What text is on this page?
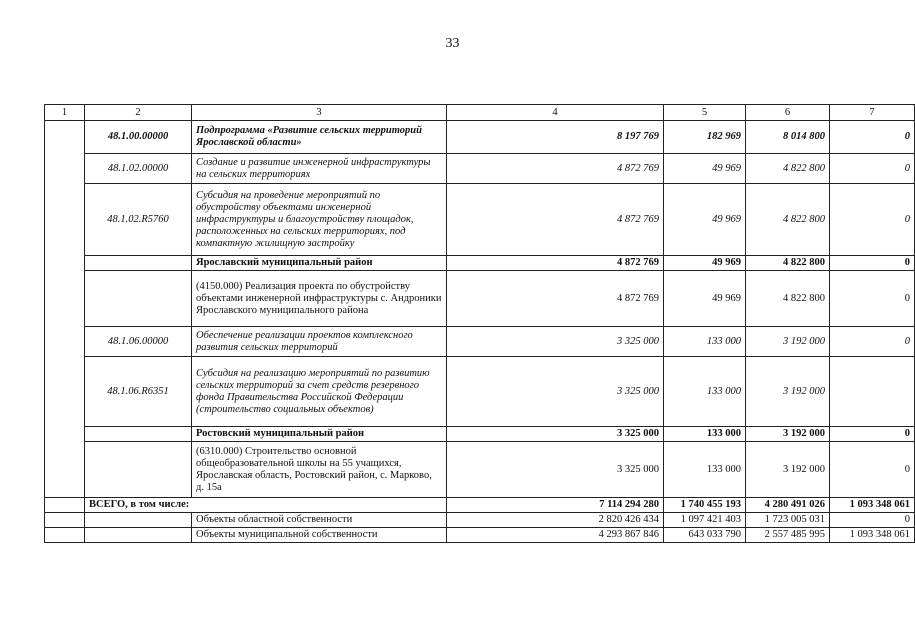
33
1	2	3	4	5	6	7
	48.1.00.00000	Подпрограмма «Развитие сельских территорий Ярославской области»	8 197 769	182 969	8 014 800	0
	48.1.02.00000	Создание и развитие инженерной инфраструктуры на сельских территориях	4 872 769	49 969	4 822 800	0
	48.1.02.R5760	Субсидия на проведение мероприятий по обустройству объектами инженерной инфраструктуры и благоустройству площадок, расположенных на сельских территориях, под компактную жилищную застройку	4 872 769	49 969	4 822 800	0
		Ярославский муниципальный район	4 872 769	49 969	4 822 800	0
		(4150.000) Реализация проекта по обустройству объектами инженерной инфраструктуры с. Андроники Ярославского муниципального района	4 872 769	49 969	4 822 800	0
	48.1.06.00000	Обеспечение реализации проектов комплексного развития сельских территорий	3 325 000	133 000	3 192 000	0
	48.1.06.R6351	Субсидия на реализацию мероприятий по развитию сельских территорий за счет средств резервного фонда Правительства Российской Федерации (строительство социальных объектов)	3 325 000	133 000	3 192 000	
		Ростовский муниципальный район	3 325 000	133 000	3 192 000	0
		(6310.000) Строительство основной общеобразовательной школы на 55 учащихся, Ярославская область, Ростовский район, с. Марково, д. 15а	3 325 000	133 000	3 192 000	0
	ВСЕГО, в том числе:		7 114 294 280	1 740 455 193	4 280 491 026	1 093 348 061
		Объекты областной собственности	2 820 426 434	1 097 421 403	1 723 005 031	0
		Объекты муниципальной собственности	4 293 867 846	643 033 790	2 557 485 995	1 093 348 061
